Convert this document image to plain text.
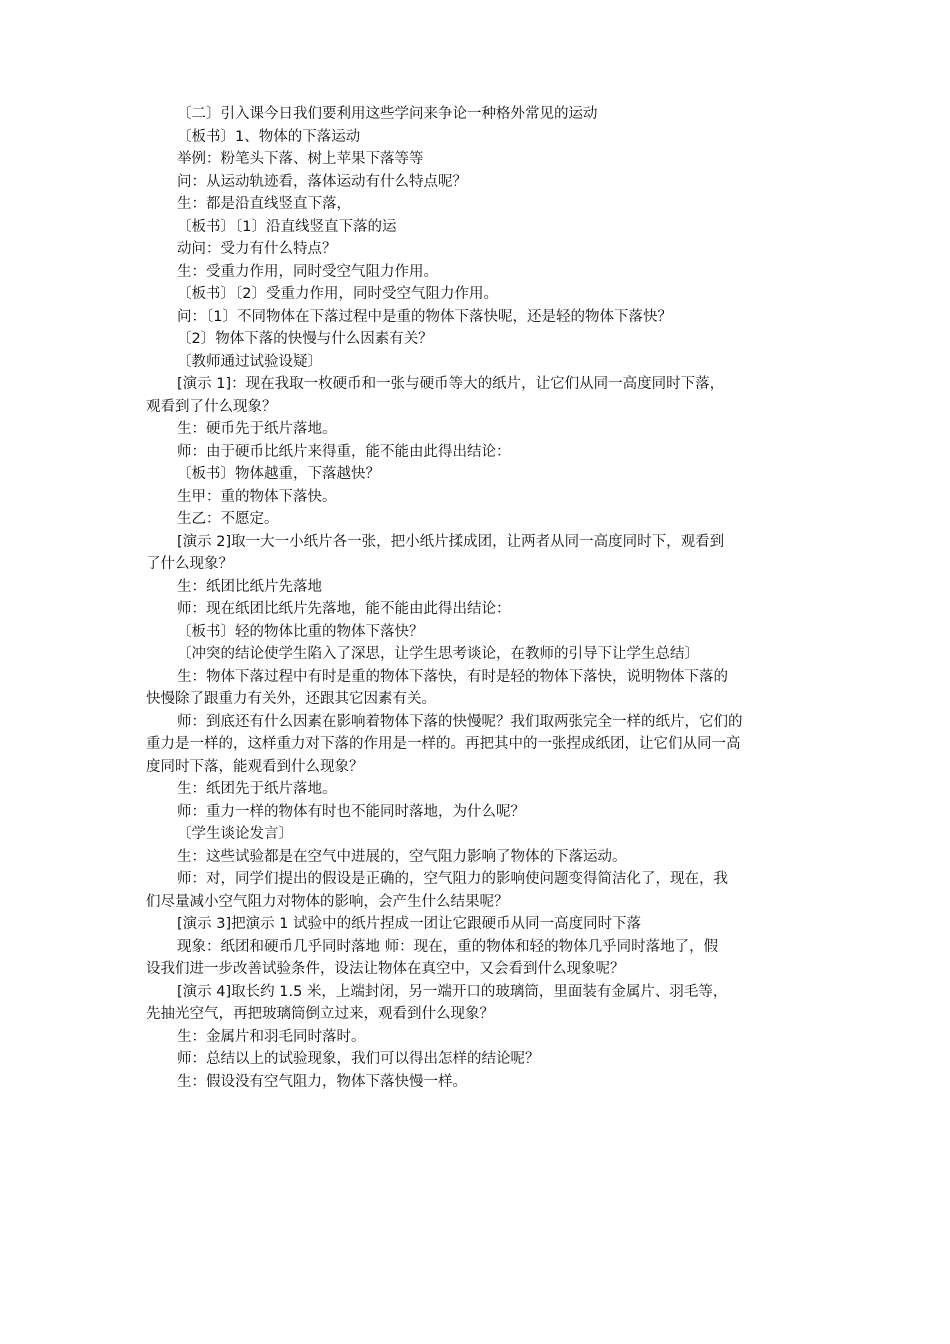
〔二〕引入课今日我们要利用这些学问来争论一种格外常见的运动
〔板书〕1、物体的下落运动
举例：粉笔头下落、树上苹果下落等等
问：从运动轨迹看，落体运动有什么特点呢？
生：都是沿直线竖直下落，
〔板书〕〔1〕沿直线竖直下落的运
动问：受力有什么特点？
生：受重力作用，同时受空气阻力作用。
〔板书〕〔2〕受重力作用，同时受空气阻力作用。
问：〔1〕不同物体在下落过程中是重的物体下落快呢，还是轻的物体下落快？
〔2〕物体下落的快慢与什么因素有关？
〔教师通过试验设疑〕
[演示 1]：现在我取一枚硬币和一张与硬币等大的纸片，让它们从同一高度同时下落，
观看到了什么现象？
生：硬币先于纸片落地。
师：由于硬币比纸片来得重，能不能由此得出结论：
〔板书〕物体越重，下落越快？
生甲：重的物体下落快。
生乙：不愿定。
[演示 2]取一大一小纸片各一张，把小纸片揉成团，让两者从同一高度同时下，观看到
了什么现象？
生：纸团比纸片先落地
师：现在纸团比纸片先落地，能不能由此得出结论：
〔板书〕轻的物体比重的物体下落快？
〔冲突的结论使学生陷入了深思，让学生思考谈论，在教师的引导下让学生总结〕
生：物体下落过程中有时是重的物体下落快，有时是轻的物体下落快，说明物体下落的
快慢除了跟重力有关外，还跟其它因素有关。
师：到底还有什么因素在影响着物体下落的快慢呢？我们取两张完全一样的纸片，它们的
重力是一样的，这样重力对下落的作用是一样的。再把其中的一张捏成纸团，让它们从同一高
度同时下落，能观看到什么现象？
生：纸团先于纸片落地。
师：重力一样的物体有时也不能同时落地，为什么呢？
〔学生谈论发言〕
生：这些试验都是在空气中进展的，空气阻力影响了物体的下落运动。
师：对，同学们提出的假设是正确的，空气阻力的影响使问题变得简洁化了，现在，我
们尽量减小空气阻力对物体的影响，会产生什么结果呢？
[演示 3]把演示 1 试验中的纸片捏成一团让它跟硬币从同一高度同时下落
现象：纸团和硬币几乎同时落地 师：现在，重的物体和轻的物体几乎同时落地了，假
设我们进一步改善试验条件，设法让物体在真空中，又会看到什么现象呢？
[演示 4]取长约 1.5 米，上端封闭，另一端开口的玻璃筒，里面装有金属片、羽毛等，
先抽光空气，再把玻璃筒倒立过来，观看到什么现象？
生：金属片和羽毛同时落时。
师：总结以上的试验现象，我们可以得出怎样的结论呢？
生：假设没有空气阻力，物体下落快慢一样。
